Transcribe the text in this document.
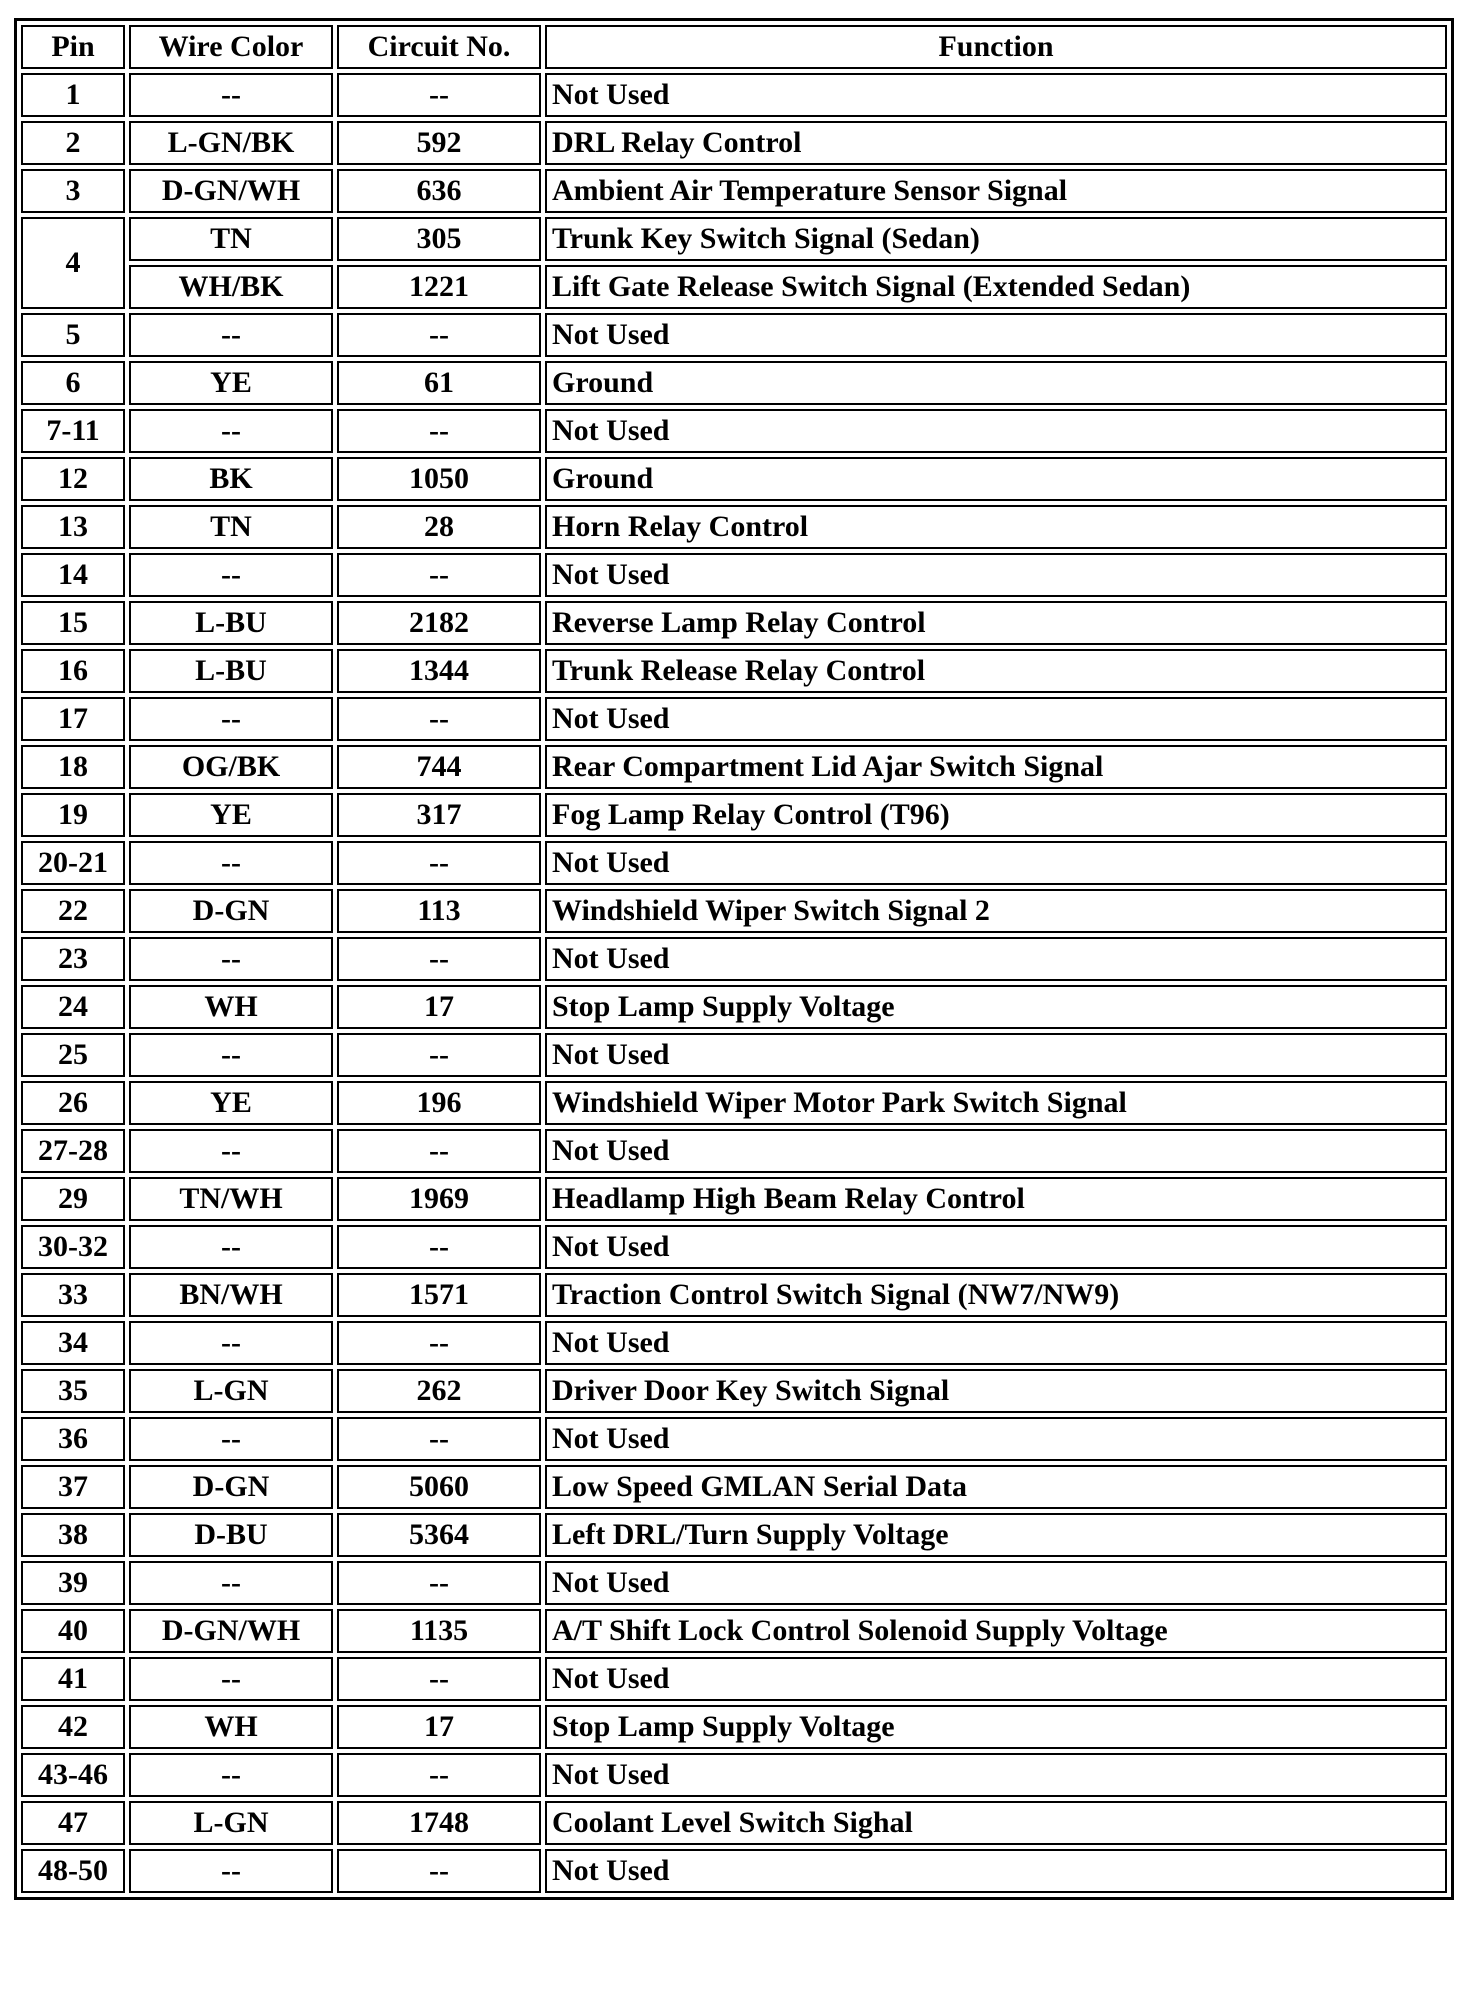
Pin	Wire Color	Circuit No.	Function
1	--	--	Not Used
2	L-GN/BK	592	DRL Relay Control
3	D-GN/WH	636	Ambient Air Temperature Sensor Signal
4	TN	305	Trunk Key Switch Signal (Sedan)
	WH/BK	1221	Lift Gate Release Switch Signal (Extended Sedan)
5	--	--	Not Used
6	YE	61	Ground
7-11	--	--	Not Used
12	BK	1050	Ground
13	TN	28	Horn Relay Control
14	--	--	Not Used
15	L-BU	2182	Reverse Lamp Relay Control
16	L-BU	1344	Trunk Release Relay Control
17	--	--	Not Used
18	OG/BK	744	Rear Compartment Lid Ajar Switch Signal
19	YE	317	Fog Lamp Relay Control (T96)
20-21	--	--	Not Used
22	D-GN	113	Windshield Wiper Switch Signal 2
23	--	--	Not Used
24	WH	17	Stop Lamp Supply Voltage
25	--	--	Not Used
26	YE	196	Windshield Wiper Motor Park Switch Signal
27-28	--	--	Not Used
29	TN/WH	1969	Headlamp High Beam Relay Control
30-32	--	--	Not Used
33	BN/WH	1571	Traction Control Switch Signal (NW7/NW9)
34	--	--	Not Used
35	L-GN	262	Driver Door Key Switch Signal
36	--	--	Not Used
37	D-GN	5060	Low Speed GMLAN Serial Data
38	D-BU	5364	Left DRL/Turn Supply Voltage
39	--	--	Not Used
40	D-GN/WH	1135	A/T Shift Lock Control Solenoid Supply Voltage
41	--	--	Not Used
42	WH	17	Stop Lamp Supply Voltage
43-46	--	--	Not Used
47	L-GN	1748	Coolant Level Switch Sighal
48-50	--	--	Not Used
